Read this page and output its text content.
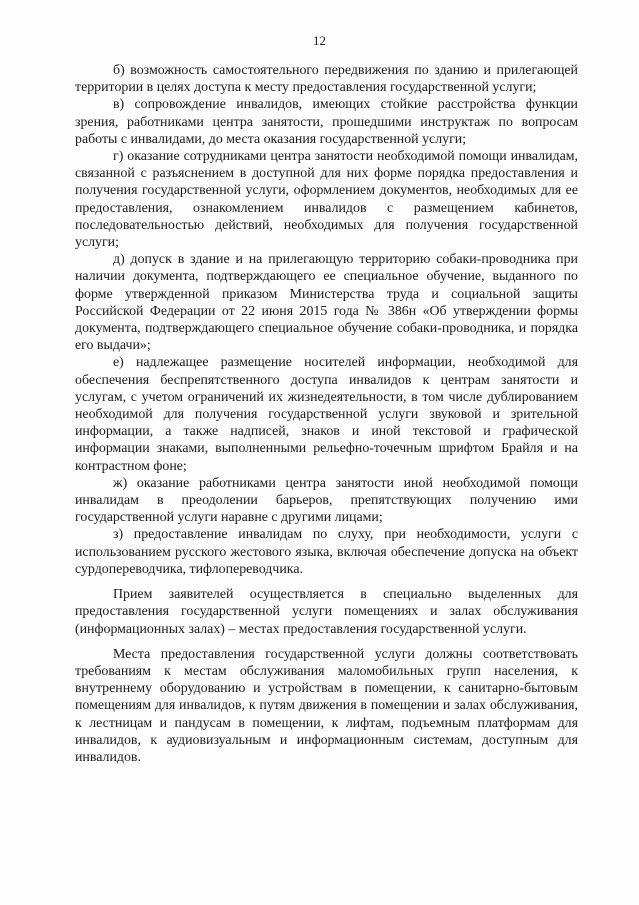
12

б) возможность самостоятельного передвижения по зданию и прилегающей территории в целях доступа к месту предоставления государственной услуги;

в) сопровождение инвалидов, имеющих стойкие расстройства функции зрения, работниками центра занятости, прошедшими инструктаж по вопросам работы с инвалидами, до места оказания государственной услуги;

г) оказание сотрудниками центра занятости необходимой помощи инвалидам, связанной с разъяснением в доступной для них форме порядка предоставления и получения государственной услуги, оформлением документов, необходимых для ее предоставления, ознакомлением инвалидов с размещением кабинетов, последовательностью действий, необходимых для получения государственной услуги;

д) допуск в здание и на прилегающую территорию собаки-проводника при наличии документа, подтверждающего ее специальное обучение, выданного по форме утвержденной приказом Министерства труда и социальной защиты Российской Федерации от 22 июня 2015 года № 386н «Об утверждении формы документа, подтверждающего специальное обучение собаки-проводника, и порядка его выдачи»;

е) надлежащее размещение носителей информации, необходимой для обеспечения беспрепятственного доступа инвалидов к центрам занятости и услугам, с учетом ограничений их жизнедеятельности, в том числе дублированием необходимой для получения государственной услуги звуковой и зрительной информации, а также надписей, знаков и иной текстовой и графической информации знаками, выполненными рельефно-точечным шрифтом Брайля и на контрастном фоне;

ж) оказание работниками центра занятости иной необходимой помощи инвалидам в преодолении барьеров, препятствующих получению ими государственной услуги наравне с другими лицами;

з) предоставление инвалидам по слуху, при необходимости, услуги с использованием русского жестового языка, включая обеспечение допуска на объект сурдопереводчика, тифлопереводчика.

Прием заявителей осуществляется в специально выделенных для предоставления государственной услуги помещениях и залах обслуживания (информационных залах) – местах предоставления государственной услуги.

Места предоставления государственной услуги должны соответствовать требованиям к местам обслуживания маломобильных групп населения, к внутреннему оборудованию и устройствам в помещении, к санитарно-бытовым помещениям для инвалидов, к путям движения в помещении и залах обслуживания, к лестницам и пандусам в помещении, к лифтам, подъемным платформам для инвалидов, к аудиовизуальным и информационным системам, доступным для инвалидов.
